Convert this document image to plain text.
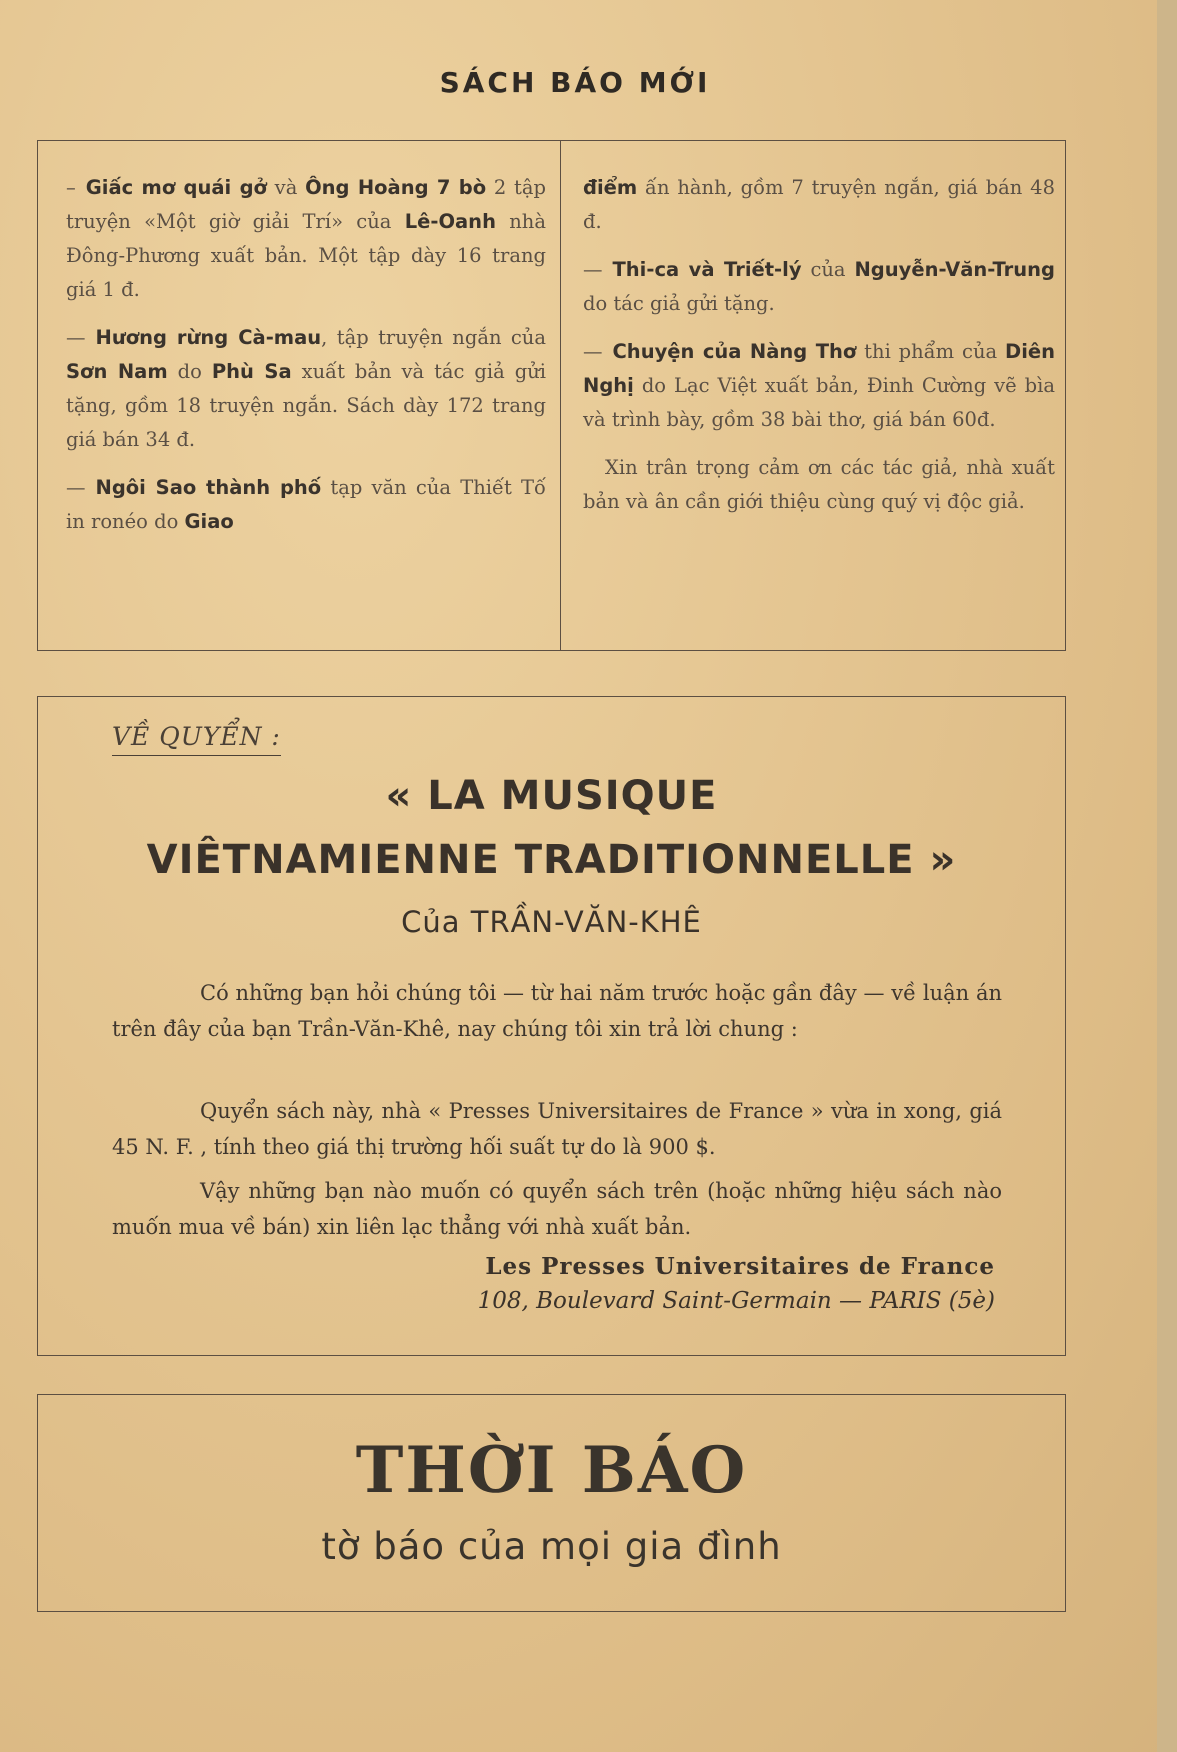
SÁCH BÁO MỚI

– Giấc mơ quái gở và Ông Hoàng 7 bò 2 tập truyện «Một giờ giải Trí» của Lê-Oanh nhà Đông-Phương xuất bản. Một tập dày 16 trang giá 1 đ.

— Hương rừng Cà-mau, tập truyện ngắn của Sơn Nam do Phù Sa xuất bản và tác giả gửi tặng, gồm 18 truyện ngắn. Sách dày 172 trang giá bán 34 đ.

— Ngôi Sao thành phố tạp văn của Thiết Tố in ronéo do Giao

điểm ấn hành, gồm 7 truyện ngắn, giá bán 48 đ.

— Thi-ca và Triết-lý của Nguyễn-Văn-Trung do tác giả gửi tặng.

— Chuyện của Nàng Thơ thi phẩm của Diên Nghị do Lạc Việt xuất bản, Đinh Cường vẽ bìa và trình bày, gồm 38 bài thơ, giá bán 60đ.

Xin trân trọng cảm ơn các tác giả, nhà xuất bản và ân cần giới thiệu cùng quý vị độc giả.

VỀ QUYỂN :
« LA MUSIQUE
VIÊTNAMIENNE TRADITIONNELLE »
Của TRẦN-VĂN-KHÊ

Có những bạn hỏi chúng tôi — từ hai năm trước hoặc gần đây — về luận án trên đây của bạn Trần-Văn-Khê, nay chúng tôi xin trả lời chung :

Quyển sách này, nhà « Presses Universitaires de France » vừa in xong, giá 45 N. F. , tính theo giá thị trường hối suất tự do là 900 $.

Vậy những bạn nào muốn có quyển sách trên (hoặc những hiệu sách nào muốn mua về bán) xin liên lạc thẳng với nhà xuất bản.

Les Presses Universitaires de France
108, Boulevard Saint-Germain — PARIS (5è)
THỜI BÁO
tờ báo của mọi gia đình
